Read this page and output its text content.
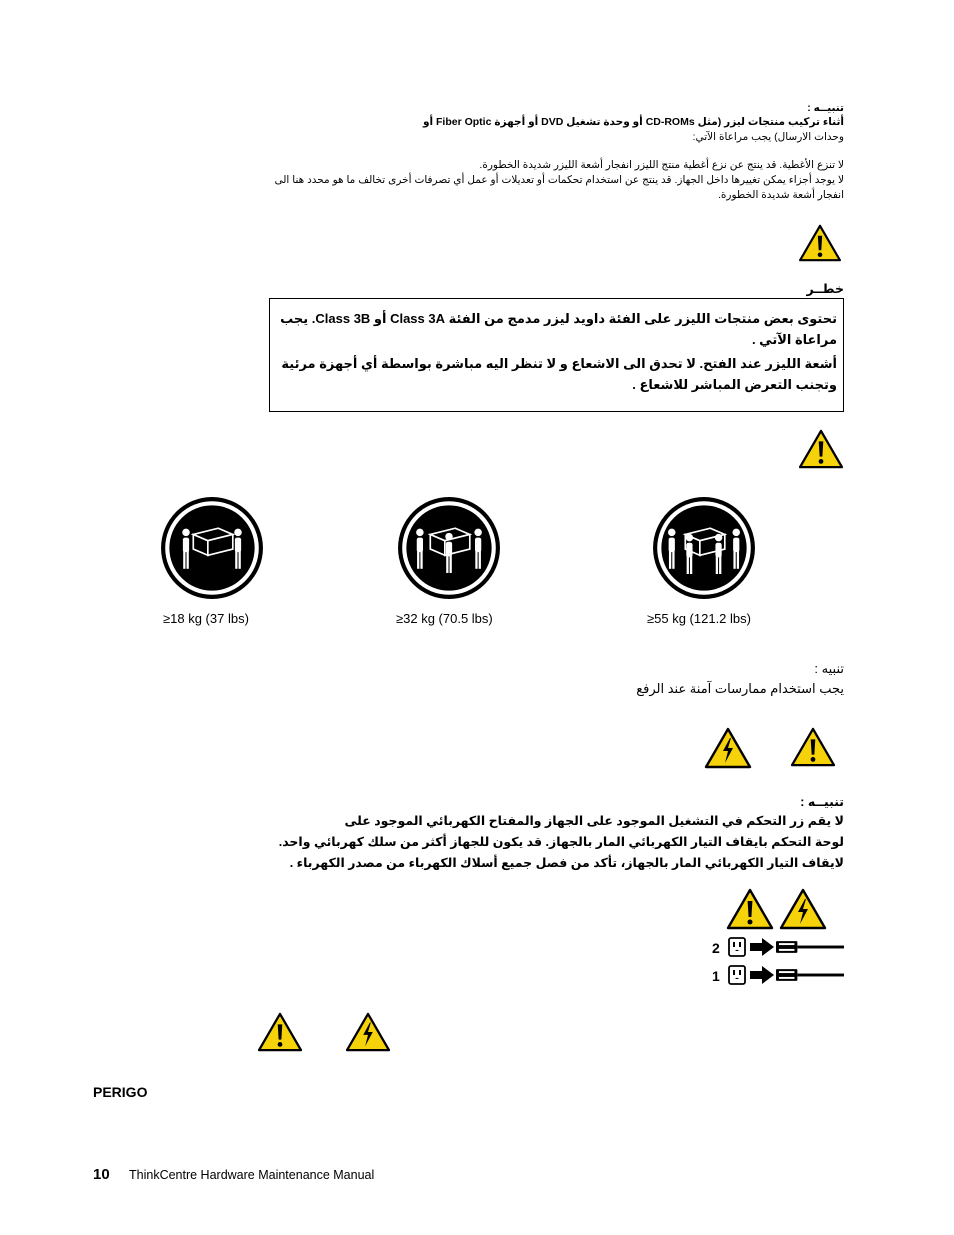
تنبيــه :
أثناء تركيب منتجات ليزر (مثل CD-ROMs أو وحدة تشغيل DVD أو أجهزة Fiber Optic أو
وحدات الارسال) يجب مراعاة الآتي:
لا تنزع الأغطية. قد ينتج عن نزع أغطية منتج الليزر انفجار أشعة الليزر شديدة الخطورة.
لا يوجد أجزاء يمكن تغييرها داخل الجهاز. قد ينتج عن استخدام تحكمات أو تعديلات أو عمل أي تصرفات أخرى تخالف ما هو محدد هنا الى
انفجار أشعة شديدة الخطورة.
خطــر
تحتوى بعض منتجات الليزر على الفئة داويد ليزر مدمج من الفئة Class 3A أو Class 3B. يجب
مراعاة الآتي .
أشعة الليزر عند الفتح. لا تحدق الى الاشعاع و لا تنظر اليه مباشرة بواسطة أي أجهزة مرئية
وتجنب التعرض المباشر للاشعاع .
≥18 kg (37 lbs)	≥32 kg (70.5 lbs)	≥55 kg (121.2 lbs)
تنبيه :
يجب استخدام ممارسات آمنة عند الرفع
تنبيــه :
لا يقم زر التحكم في التشغيل الموجود على الجهاز والمفتاح الكهربائي الموجود على
لوحة التحكم بايقاف التيار الكهربائي المار بالجهاز. قد يكون للجهاز أكثر من سلك كهربائي واحد.
لايقاف التيار الكهربائي المار بالجهاز، تأكد من فصل جميع أسلاك الكهرباء من مصدر الكهرباء .
2
1
PERIGO
10 ThinkCentre Hardware Maintenance Manual
